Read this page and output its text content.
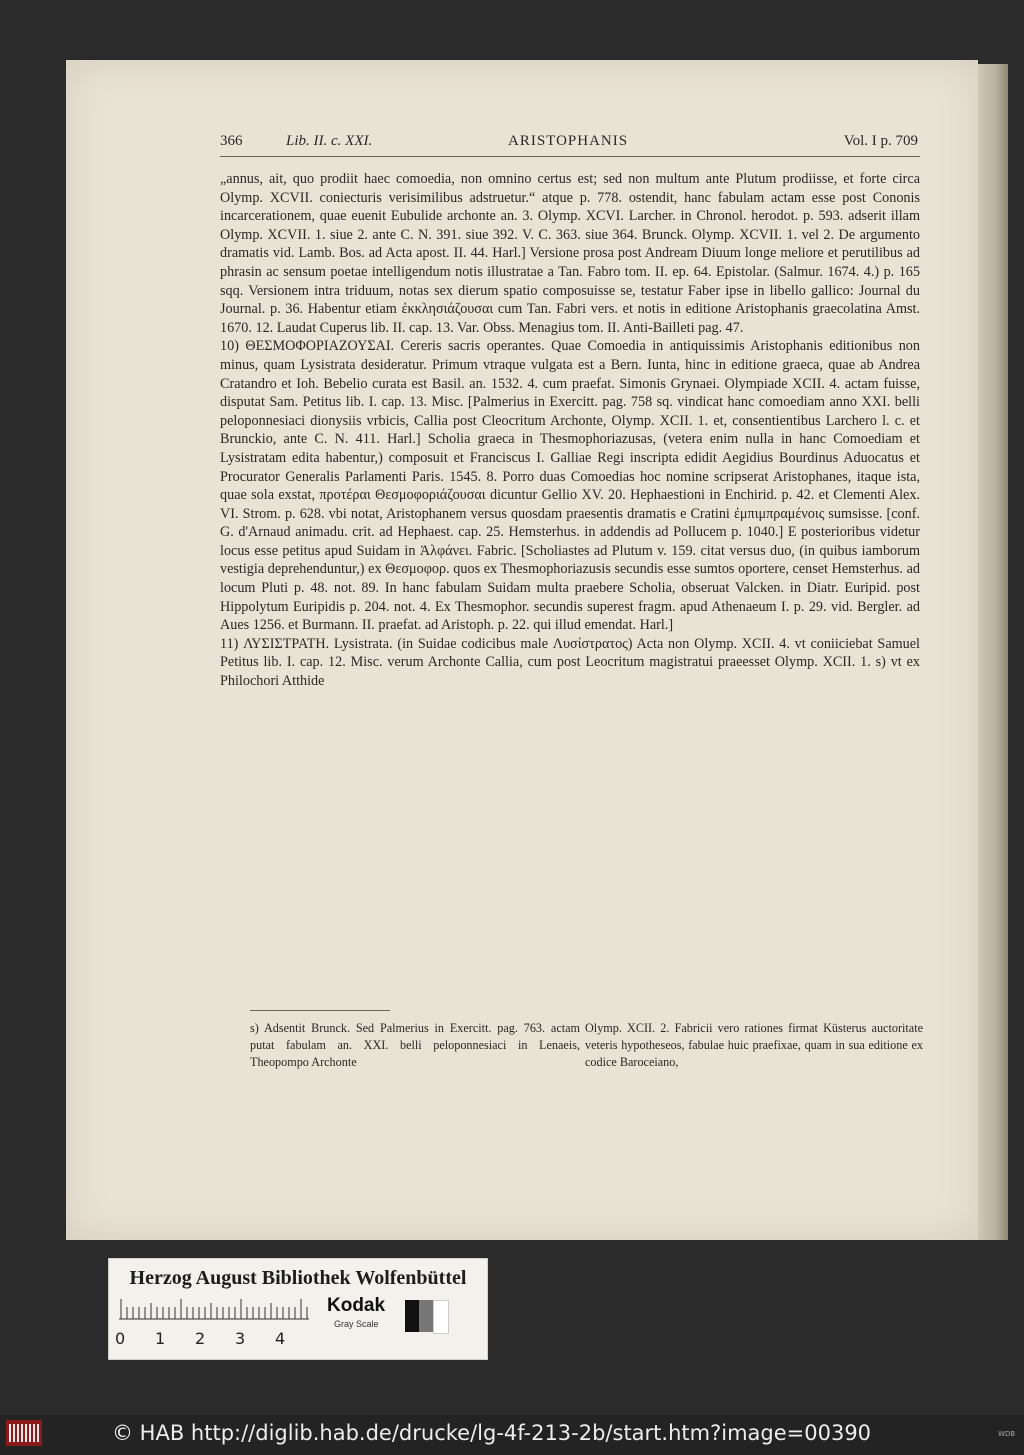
366	Lib. II. c. XXI.	ARISTOPHANIS	Vol. I p. 709
„annus, ait, quo prodiit haec comoedia, non omnino certus est; sed non multum ante Plutum prodiisse, et forte circa Olymp. XCVII. coniecturis verisimilibus adstruetur.“ atque p. 778. ostendit, hanc fabulam actam esse post Cononis incarcerationem, quae euenit Eubulide archonte an. 3. Olymp. XCVI. Larcher. in Chronol. herodot. p. 593. adserit illam Olymp. XCVII. 1. siue 2. ante C. N. 391. siue 392. V. C. 363. siue 364. Brunck. Olymp. XCVII. 1. vel 2. De argumento dramatis vid. Lamb. Bos. ad Acta apost. II. 44. Harl.] Versione prosa post Andream Diuum longe meliore et perutilibus ad phrasin ac sensum poetae intelligendum notis illustratae a Tan. Fabro tom. II. ep. 64. Epistolar. (Salmur. 1674. 4.) p. 165 sqq. Versionem intra triduum, notas sex dierum spatio composuisse se, testatur Faber ipse in libello gallico: Journal du Journal. p. 36. Habentur etiam ἐκκλησιάζουσαι cum Tan. Fabri vers. et notis in editione Aristophanis graecolatina Amst. 1670. 12. Laudat Cuperus lib. II. cap. 13. Var. Obss. Menagius tom. II. Anti-Bailleti pag. 47.
10) ΘΕΣΜΟΦΟΡΙΑΖΟΥΣΑΙ. Cereris sacris operantes. Quae Comoedia in antiquissimis Aristophanis editionibus non minus, quam Lysistrata desideratur. Primum vtraque vulgata est a Bern. Iunta, hinc in editione graeca, quae ab Andrea Cratandro et Ioh. Bebelio curata est Basil. an. 1532. 4. cum praefat. Simonis Grynaei. Olympiade XCII. 4. actam fuisse, disputat Sam. Petitus lib. I. cap. 13. Misc. [Palmerius in Exercitt. pag. 758 sq. vindicat hanc comoediam anno XXI. belli peloponnesiaci dionysiis vrbicis, Callia post Cleocritum Archonte, Olymp. XCII. 1. et, consentientibus Larchero l. c. et Brunckio, ante C. N. 411. Harl.] Scholia graeca in Thesmophoriazusas, (vetera enim nulla in hanc Comoediam et Lysistratam edita habentur,) composuit et Franciscus I. Galliae Regi inscripta edidit Aegidius Bourdinus Aduocatus et Procurator Generalis Parlamenti Paris. 1545. 8. Porro duas Comoedias hoc nomine scripserat Aristophanes, itaque ista, quae sola exstat, προτέραι Θεσμοφοριάζουσαι dicuntur Gellio XV. 20. Hephaestioni in Enchirid. p. 42. et Clementi Alex. VI. Strom. p. 628. vbi notat, Aristophanem versus quosdam praesentis dramatis e Cratini ἐμπιμπραμένοις sumsisse. [conf. G. d'Arnaud animadu. crit. ad Hephaest. cap. 25. Hemsterhus. in addendis ad Pollucem p. 1040.] E posterioribus videtur locus esse petitus apud Suidam in Ἀλφάνει. Fabric. [Scholiastes ad Plutum v. 159. citat versus duo, (in quibus iamborum vestigia deprehenduntur,) ex Θεσμοφορ. quos ex Thesmophoriazusis secundis esse sumtos oportere, censet Hemsterhus. ad locum Pluti p. 48. not. 89. In hanc fabulam Suidam multa praebere Scholia, obseruat Valcken. in Diatr. Euripid. post Hippolytum Euripidis p. 204. not. 4. Ex Thesmophor. secundis superest fragm. apud Athenaeum I. p. 29. vid. Bergler. ad Aues 1256. et Burmann. II. praefat. ad Aristoph. p. 22. qui illud emendat. Harl.]
11) ΛΥΣΙΣΤΡΑΤΗ. Lysistrata. (in Suidae codicibus male Λυσίστρατος) Acta non Olymp. XCII. 4. vt coniiciebat Samuel Petitus lib. I. cap. 12. Misc. verum Archonte Callia, cum post Leocritum magistratui praeesset Olymp. XCII. 1. s) vt ex Philochori Atthide
s) Adsentit Brunck. Sed Palmerius in Exercitt. pag. 763. actam putat fabulam an. XXI. belli peloponnesiaci in Lenaeis, Theopompo Archonte
Olymp. XCII. 2. Fabricii vero rationes firmat Küsterus auctoritate veteris hypotheseos, fabulae huic praefixae, quam in sua editione ex codice Baroceiano,
Herzog August Bibliothek Wolfenbüttel
0 1 2 3 4
Kodak
Gray Scale
© HAB http://diglib.hab.de/drucke/lg-4f-213-2b/start.htm?image=00390	WDB
